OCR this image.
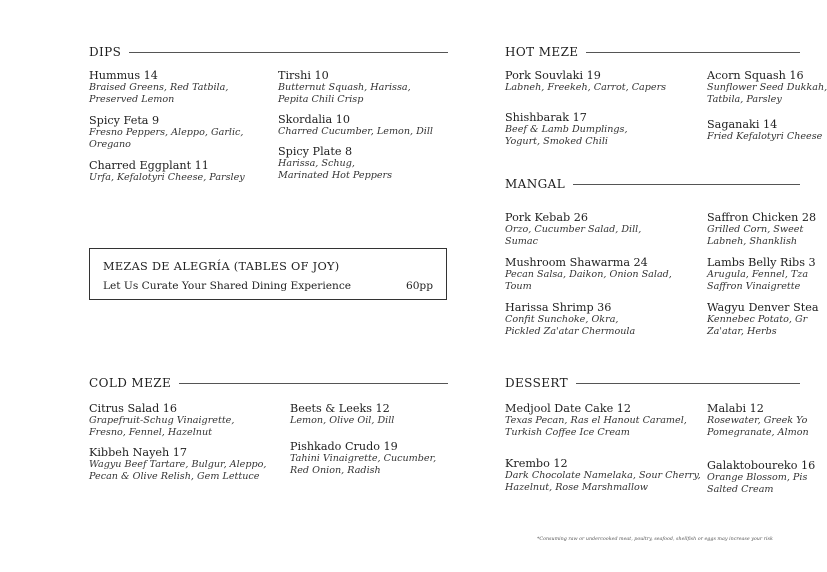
DIPS
Hummus 14
Braised Greens, Red Tatbila,
Preserved Lemon
Spicy Feta 9
Fresno Peppers, Aleppo, Garlic,
Oregano
Charred Eggplant 11
Urfa, Kefalotyri Cheese, Parsley
Tirshi 10
Butternut Squash, Harissa,
Pepita Chili Crisp
Skordalia 10
Charred Cucumber, Lemon, Dill
Spicy Plate 8
Harissa, Schug,
Marinated Hot Peppers
MEZAS DE ALEGRÍA (TABLES OF JOY)
Let Us Curate Your Shared Dining Experience	60pp
COLD MEZE
Citrus Salad 16
Grapefruit-Schug Vinaigrette,
Fresno, Fennel, Hazelnut
Kibbeh Nayeh 17
Wagyu Beef Tartare, Bulgur, Aleppo,
Pecan & Olive Relish, Gem Lettuce
Beets & Leeks 12
Lemon, Olive Oil, Dill
Pishkado Crudo 19
Tahini Vinaigrette, Cucumber,
Red Onion, Radish
HOT MEZE
Pork Souvlaki 19
Labneh, Freekeh, Carrot, Capers
Shishbarak 17
Beef & Lamb Dumplings,
Yogurt, Smoked Chili
Acorn Squash 16
Sunflower Seed Dukkah,
Tatbila, Parsley
Saganaki 14
Fried Kefalotyri Cheese
MANGAL
Pork Kebab 26
Orzo, Cucumber Salad, Dill,
Sumac
Mushroom Shawarma 24
Pecan Salsa, Daikon, Onion Salad,
Toum
Harissa Shrimp 36
Confit Sunchoke, Okra,
Pickled Za'atar Chermoula
Saffron Chicken 28
Grilled Corn, Sweet
Labneh, Shanklish
Lambs Belly Ribs 3
Arugula, Fennel, Tza
Saffron Vinaigrette
Wagyu Denver Stea
Kennebec Potato, Gr
Za'atar, Herbs
DESSERT
Medjool Date Cake 12
Texas Pecan, Ras el Hanout Caramel,
Turkish Coffee Ice Cream
Krembo 12
Dark Chocolate Namelaka, Sour Cherry,
Hazelnut, Rose Marshmallow
Malabi 12
Rosewater, Greek Yo
Pomegranate, Almon
Galaktoboureko 16
Orange Blossom, Pis
Salted Cream
*Consuming raw or undercooked meat, poultry, seafood, shellfish or eggs may increase your risk
